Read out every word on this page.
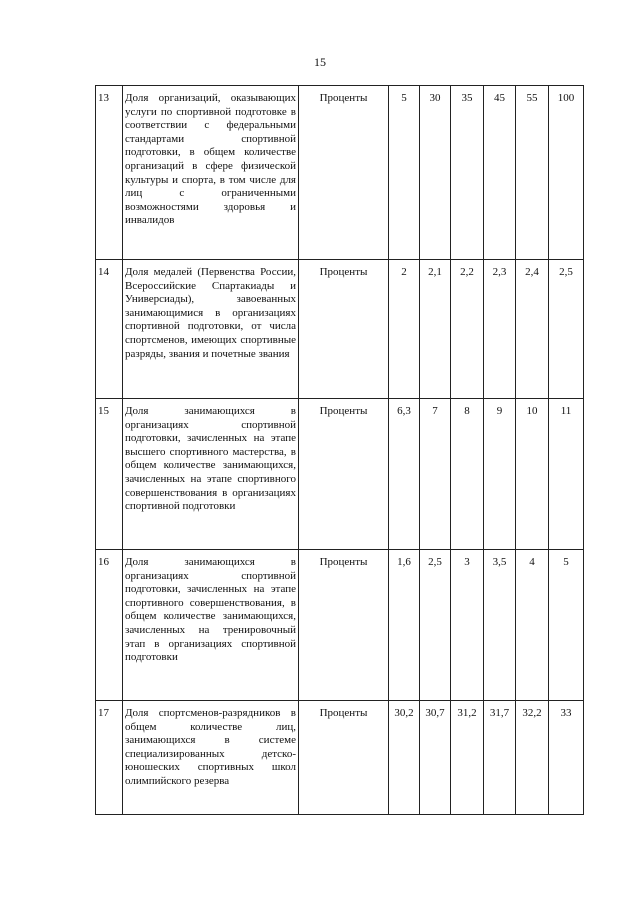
15
13	Доля организаций, оказывающих услуги по спортивной подготовке в соответствии с федеральными стандартами спортивной подготовки, в общем количестве организаций в сфере физической культуры и спорта, в том числе для лиц с ограниченными возможностями здоровья и инвалидов	Проценты	5	30	35	45	55	100
14	Доля медалей (Первенства России, Всероссийские Спартакиады и Универсиады), завоеванных занимающимися в организациях спортивной подготовки, от числа спортсменов, имеющих спортивные разряды, звания и почетные звания	Проценты	2	2,1	2,2	2,3	2,4	2,5
15	Доля занимающихся в организациях спортивной подготовки, зачисленных на этапе высшего спортивного мастерства, в общем количестве занимающихся, зачисленных на этапе спортивного совершенствования в организациях спортивной подготовки	Проценты	6,3	7	8	9	10	11
16	Доля занимающихся в организациях спортивной подготовки, зачисленных на этапе спортивного совершенствования, в общем количестве занимающихся, зачисленных на тренировочный этап в организациях спортивной подготовки	Проценты	1,6	2,5	3	3,5	4	5
17	Доля спортсменов-разрядников в общем количестве лиц, занимающихся в системе специализированных детско-юношеских спортивных школ олимпийского резерва	Проценты	30,2	30,7	31,2	31,7	32,2	33
